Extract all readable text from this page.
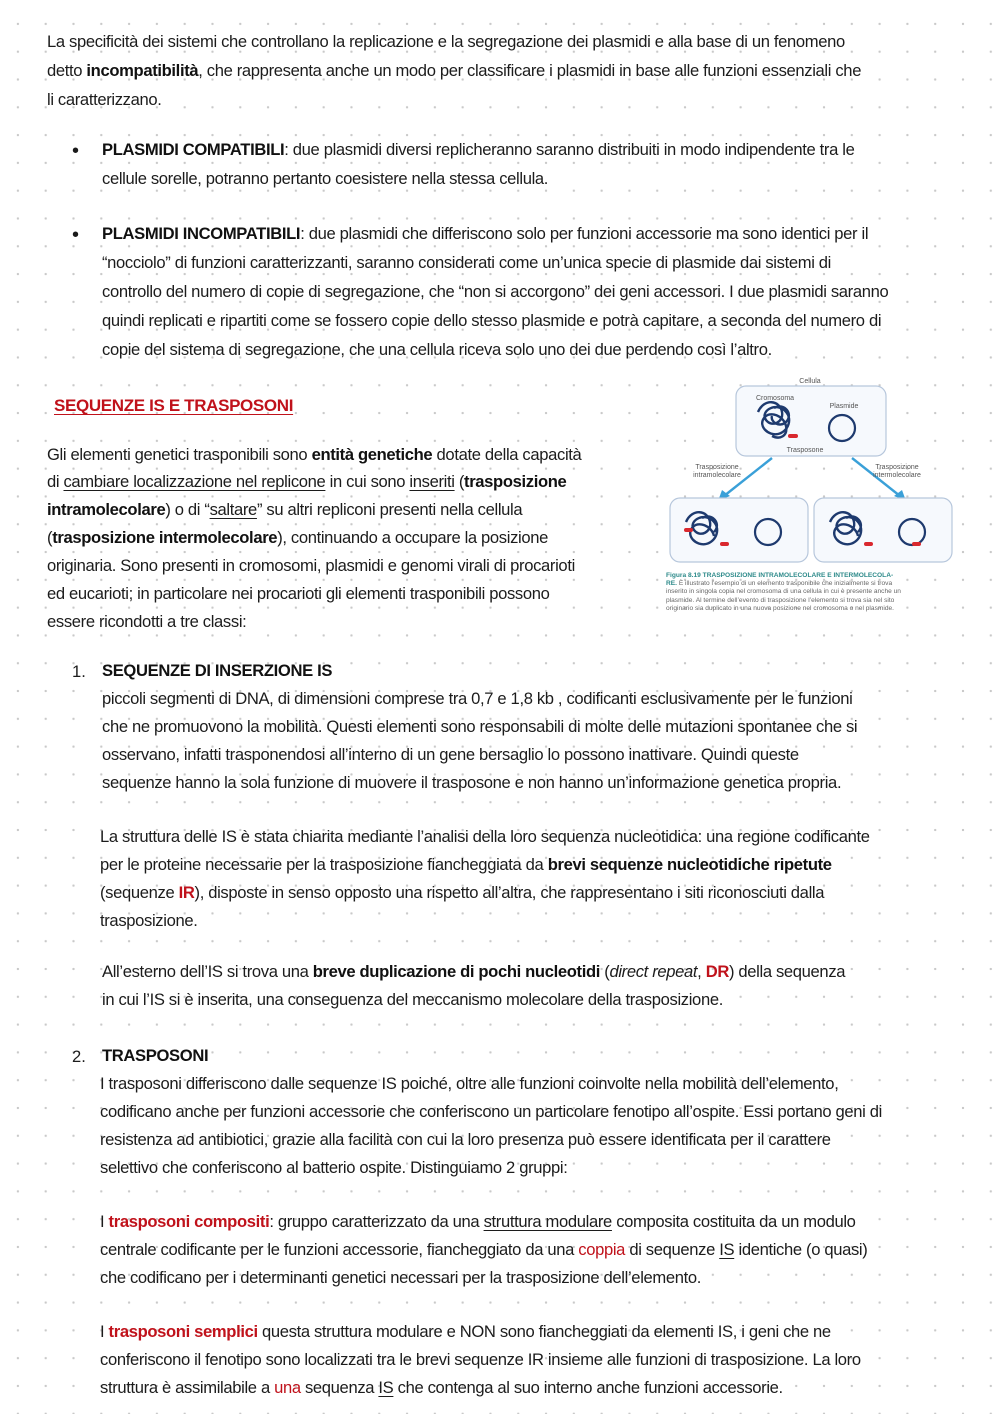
La specificità dei sistemi che controllano la replicazione e la segregazione dei plasmidi e alla base di un fenomeno
detto incompatibilità, che rappresenta anche un modo per classificare i plasmidi in base alle funzioni essenziali che
li caratterizzano.
• PLASMIDI COMPATIBILI: due plasmidi diversi replicheranno saranno distribuiti in modo indipendente tra le
cellule sorelle, potranno pertanto coesistere nella stessa cellula.
• PLASMIDI INCOMPATIBILI: due plasmidi che differiscono solo per funzioni accessorie ma sono identici per il
“nocciolo” di funzioni caratterizzanti, saranno considerati come un’unica specie di plasmide dai sistemi di
controllo del numero di copie di segregazione, che “non si accorgono” dei geni accessori. I due plasmidi saranno
quindi replicati e ripartiti come se fossero copie dello stesso plasmide e potrà capitare, a seconda del numero di
copie del sistema di segregazione, che una cellula riceva solo uno dei due perdendo così l’altro.
SEQUENZE IS E TRASPOSONI
Gli elementi genetici trasponibili sono entità genetiche dotate della capacità
di cambiare localizzazione nel replicone in cui sono inseriti (trasposizione
intramolecolare) o di “saltare” su altri repliconi presenti nella cellula
(trasposizione intermolecolare), continuando a occupare la posizione
originaria. Sono presenti in cromosomi, plasmidi e genomi virali di procarioti
ed eucarioti; in particolare nei procarioti gli elementi trasponibili possono
essere ricondotti a tre classi:
Cellula
Cromosoma
Plasmide
Trasposone
Trasposizione
intramolecolare
Trasposizione
intermolecolare
Figura 8.19 TRASPOSIZIONE INTRAMOLECOLARE E INTERMOLECOLA-
RE. È illustrato l’esempio di un elemento trasponibile che inizialmente si trova
inserito in singola copia nel cromosoma di una cellula in cui è presente anche un
plasmide. Al termine dell’evento di trasposizione l’elemento si trova sia nel sito
originario sia duplicato in una nuova posizione nel cromosoma o nel plasmide.
1. SEQUENZE DI INSERZIONE IS
piccoli segmenti di DNA, di dimensioni comprese tra 0,7 e 1,8 kb , codificanti esclusivamente per le funzioni
che ne promuovono la mobilità. Questi elementi sono responsabili di molte delle mutazioni spontanee che si
osservano, infatti trasponendosi all’interno di un gene bersaglio lo possono inattivare. Quindi queste
sequenze hanno la sola funzione di muovere il trasposone e non hanno un’informazione genetica propria.
La struttura delle IS è stata chiarita mediante l’analisi della loro sequenza nucleotidica: una regione codificante
per le proteine necessarie per la trasposizione fiancheggiata da brevi sequenze nucleotidiche ripetute
(sequenze IR), disposte in senso opposto una rispetto all’altra, che rappresentano i siti riconosciuti dalla
trasposizione.
All’esterno dell’IS si trova una breve duplicazione di pochi nucleotidi (direct repeat, DR) della sequenza
in cui l’IS si è inserita, una conseguenza del meccanismo molecolare della trasposizione.
2. TRASPOSONI
I trasposoni differiscono dalle sequenze IS poiché, oltre alle funzioni coinvolte nella mobilità dell’elemento,
codificano anche per funzioni accessorie che conferiscono un particolare fenotipo all’ospite. Essi portano geni di
resistenza ad antibiotici, grazie alla facilità con cui la loro presenza può essere identificata per il carattere
selettivo che conferiscono al batterio ospite. Distinguiamo 2 gruppi:
I trasposoni compositi: gruppo caratterizzato da una struttura modulare composita costituita da un modulo
centrale codificante per le funzioni accessorie, fiancheggiato da una coppia di sequenze IS identiche (o quasi)
che codificano per i determinanti genetici necessari per la trasposizione dell’elemento.
I trasposoni semplici questa struttura modulare e NON sono fiancheggiati da elementi IS, i geni che ne
conferiscono il fenotipo sono localizzati tra le brevi sequenze IR insieme alle funzioni di trasposizione. La loro
struttura è assimilabile a una sequenza IS che contenga al suo interno anche funzioni accessorie.
